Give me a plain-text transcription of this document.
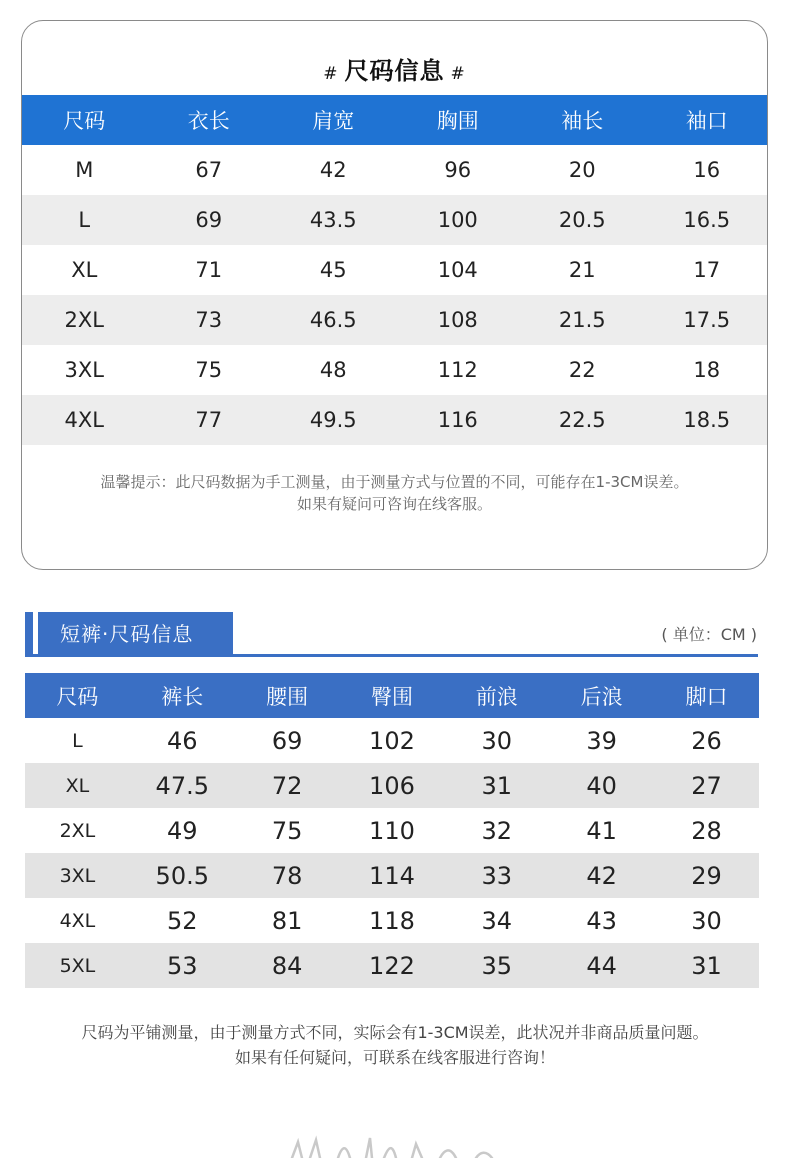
# 尺码信息 #
尺码	衣长	肩宽	胸围	袖长	袖口
M	67	42	96	20	16
L	69	43.5	100	20.5	16.5
XL	71	45	104	21	17
2XL	73	46.5	108	21.5	17.5
3XL	75	48	112	22	18
4XL	77	49.5	116	22.5	18.5
温馨提示：此尺码数据为手工测量，由于测量方式与位置的不同，可能存在1-3CM误差。
如果有疑问可咨询在线客服。
短裤·尺码信息	( 单位：CM )
尺码	裤长	腰围	臀围	前浪	后浪	脚口
L	46	69	102	30	39	26
XL	47.5	72	106	31	40	27
2XL	49	75	110	32	41	28
3XL	50.5	78	114	33	42	29
4XL	52	81	118	34	43	30
5XL	53	84	122	35	44	31
尺码为平铺测量，由于测量方式不同，实际会有1-3CM误差，此状况并非商品质量问题。
如果有任何疑问，可联系在线客服进行咨询！
